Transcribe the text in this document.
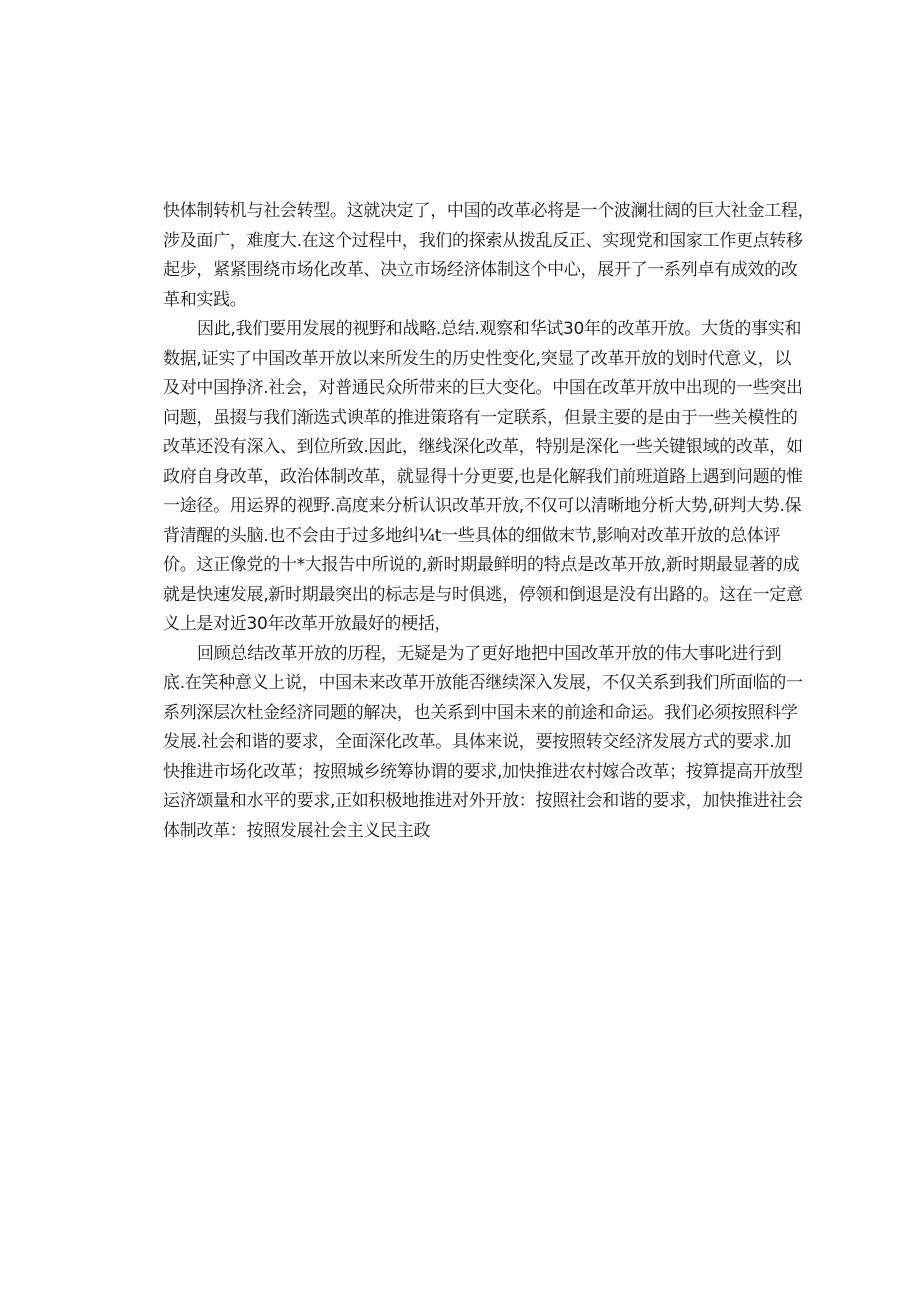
快体制转机与社会转型。这就决定了，中国的改革必将是一个波澜壮阔的巨大社金工程，
涉及面广，难度大.在这个过程中，我们的探索从拨乱反正、实现党和国家工作更点转移
起步，紧紧围绕市场化改革、决立市场经济体制这个中心，展开了一系列卓有成效的改
革和实践。
因此,我们要用发展的视野和战略.总结.观察和华试30年的改革开放。大货的事实和
数据,证实了中国改革开放以来所发生的历史性变化,突显了改革开放的划时代意义，以
及对中国挣济.社会，对普通民众所带来的巨大变化。中国在改革开放中出现的一些突出
问题，虽掇与我们渐选式谀革的推进策珞有一定联系，但景主要的是由于一些关模性的
改革还没有深入、到位所致.因此，继线深化改革，特别是深化一些关键银域的改革，如
政府自身改革，政治体制改革，就显得十分更要,也是化解我们前班道路上遇到问题的惟
一途径。用运界的视野.高度来分析认识改革开放,不仅可以清晰地分析大势,研判大势.保
背清醒的头脑.也不会由于过多地纠¼t一些具体的细做末节,影响对改革开放的总体评
价。这正像党的十*大报告中所说的,新时期最鲜明的特点是改革开放,新时期最显著的成
就是快速发展,新时期最突出的标志是与时俱逃，停领和倒退是没有出路的。这在一定意
义上是对近30年改革开放最好的梗括，
回顾总结改革开放的历程，无疑是为了更好地把中国改革开放的伟大事叱进行到
底.在笑种意义上说，中国未来改革开放能否继续深入发展，不仅关系到我们所面临的一
系列深层次杜金经济同题的解决，也关系到中国未来的前途和命运。我们必须按照科学
发展.社会和谐的要求，全面深化改革。具体来说，要按照转交经济发展方式的要求.加
快推进市场化改革；按照城乡统筹协谓的要求,加快推进农村嫁合改革；按算提高开放型
运济颂量和水平的要求,正如积极地推进对外开放：按照社会和谐的要求，加快推进社会
体制改革：按照发展社会主义民主政
